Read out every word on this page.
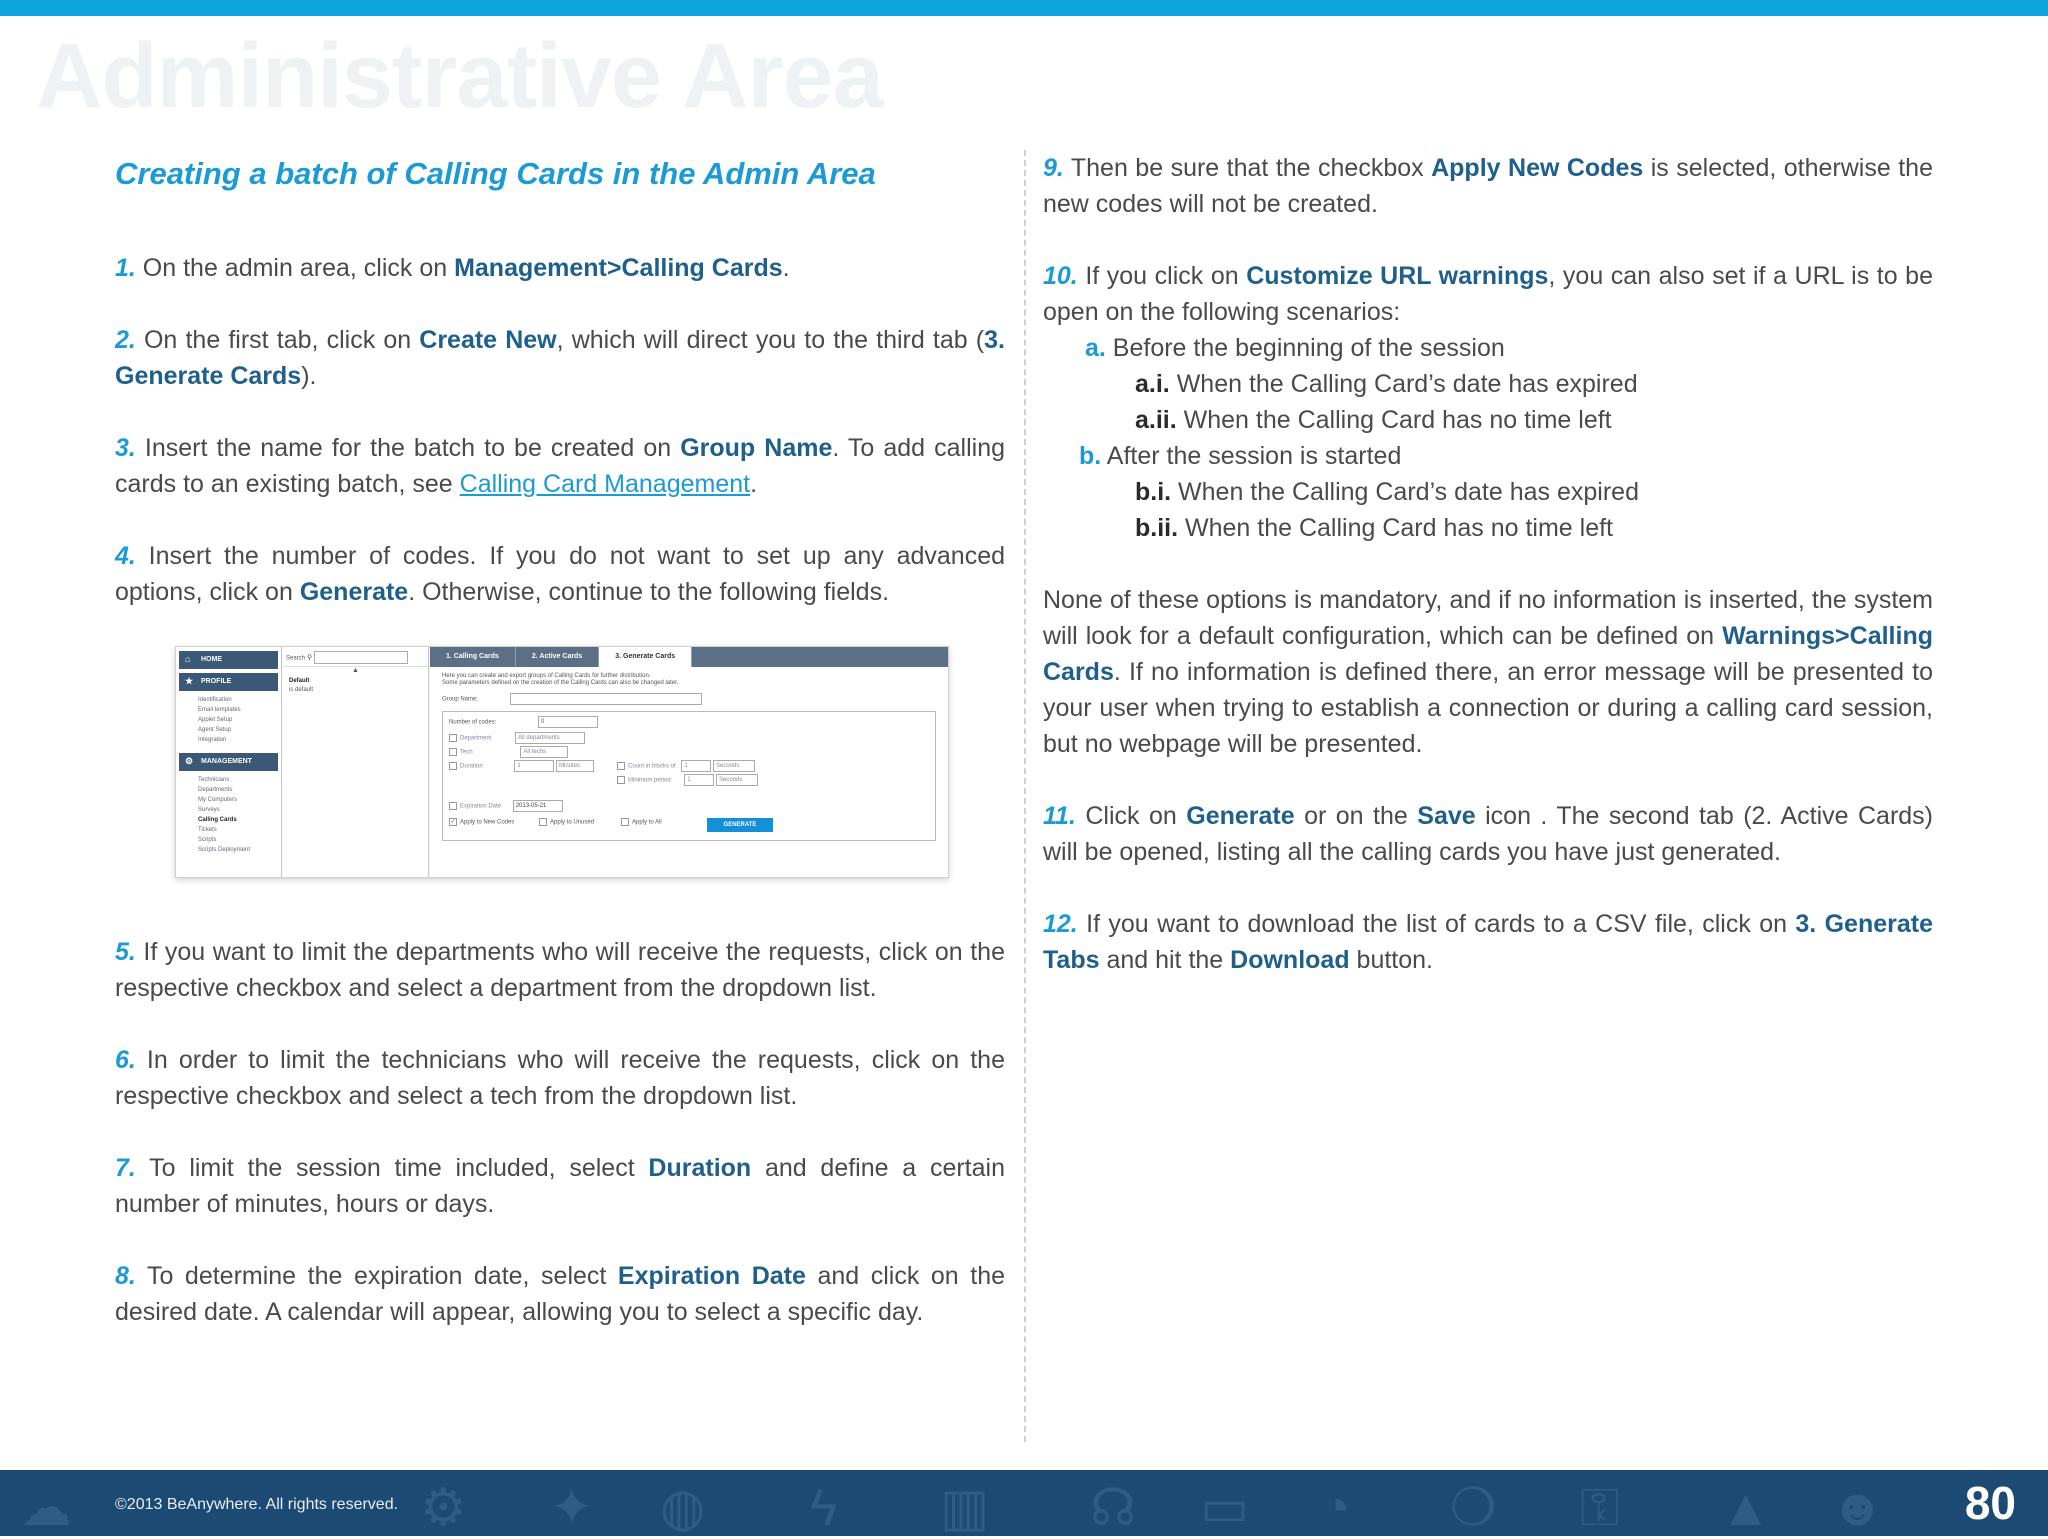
Administrative Area
Creating a batch of Calling Cards in the Admin Area

1. On the admin area, click on Management>Calling Cards.

2. On the first tab, click on Create New, which will direct you to the third tab (3. Generate Cards).

3. Insert the name for the batch to be created on Group Name. To add calling cards to an existing batch, see Calling Card Management.

4. Insert the number of codes. If you do not want to set up any advanced options, click on Generate. Otherwise, continue to the following fields.

⌂	HOME
★ PROFILE
Identification
Email templates
Applet Setup
Agent Setup
Integration
⚙ MANAGEMENT
Technicians
Departments
My Computers
Surveys
Calling Cards
Tickets
Scripts
Scripts Deployment
Search ⚲
▲
Default
is default
1. Calling Cards	2. Active Cards	3. Generate Cards
Here you can create and export groups of Calling Cards for further distribution.
Some parameters defined on the creation of the Calling Cards can also be changed later.
Group Name:
Number of codes:	0
Department	All departments
Tech	All techs
Duration	1	Minutes	Count in blocks of 1	Seconds
Minimum period	1	Seconds
Expiration Date 2013-05-21
✓ Apply to New Codes	Apply to Unused	Apply to All	GENERATE

5. If you want to limit the departments who will receive the requests, click on the respective checkbox and select a department from the dropdown list.

6. In order to limit the technicians who will receive the requests, click on the respective checkbox and select a tech from the dropdown list.

7. To limit the session time included, select Duration and define a certain number of minutes, hours or days.

8. To determine the expiration date, select Expiration Date and click on the desired date. A calendar will appear, allowing you to select a specific day.

9. Then be sure that the checkbox Apply New Codes is selected, otherwise the new codes will not be created.

10. If you click on Customize URL warnings, you can also set if a URL is to be open on the following scenarios:
a. Before the beginning of the session
a.i. When the Calling Card’s date has expired
a.ii. When the Calling Card has no time left
b. After the session is started
b.i. When the Calling Card’s date has expired
b.ii. When the Calling Card has no time left

None of these options is mandatory, and if no information is inserted, the system will look for a default configuration, which can be defined on Warnings>Calling Cards. If no information is defined there, an error message will be presented to your user when trying to establish a connection or during a calling card session, but no webpage will be presented.

11. Click on Generate or on the Save icon . The second tab (2. Active Cards) will be opened, listing all the calling cards you have just generated.

12. If you want to download the list of cards to a CSV file, click on 3. Generate Tabs and hit the Download button.

☁	⚙ ✦ ◍ ϟ ▥ ☊ ▭ ◔ ❍ ⚿ ▲ ☻
©2013 BeAnywhere. All rights reserved.	80
